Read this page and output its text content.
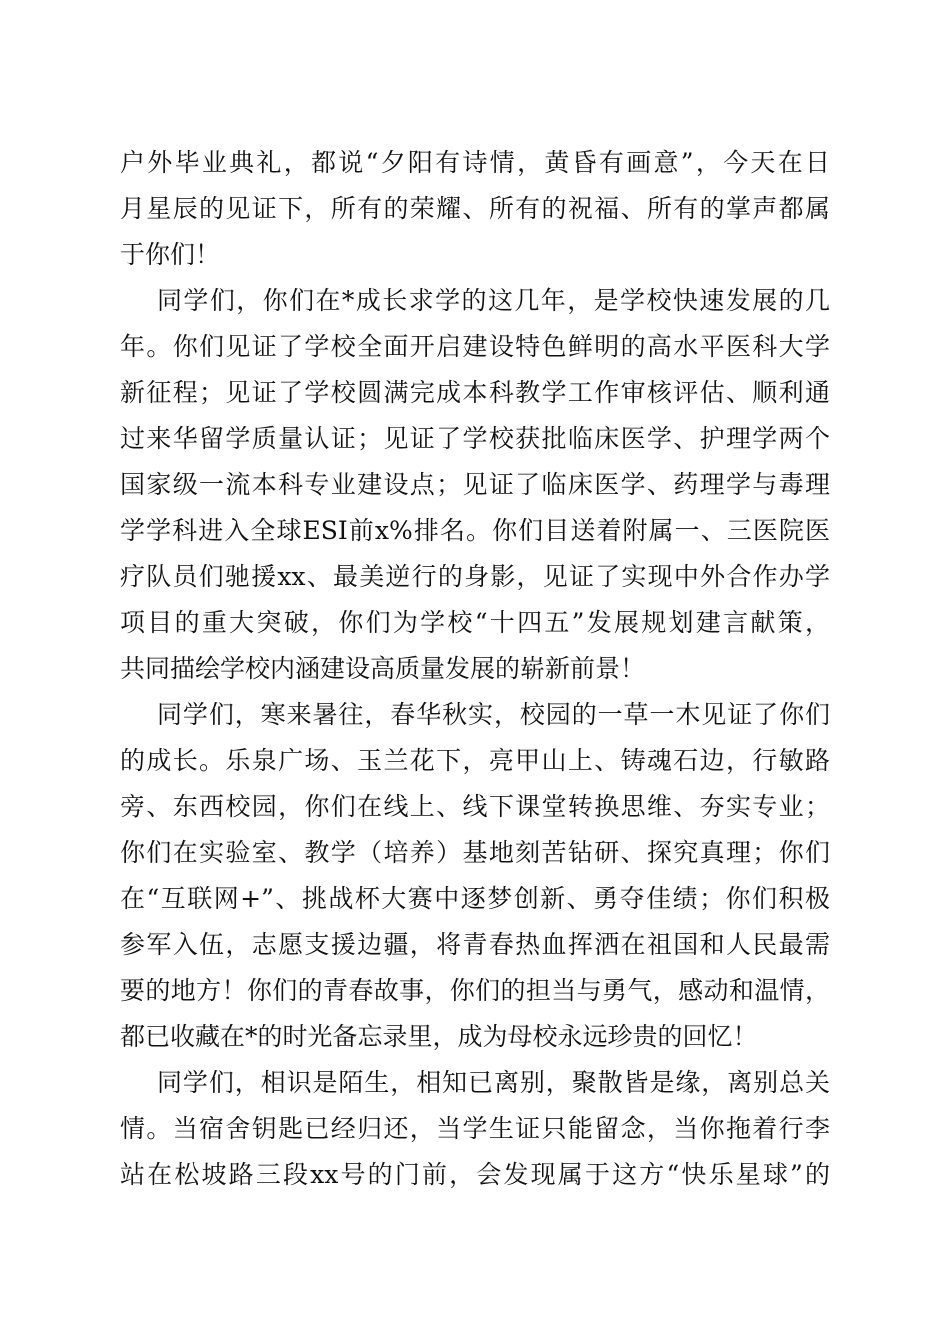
户外毕业典礼，都说“夕阳有诗情，黄昏有画意”，今天在日
月星辰的见证下，所有的荣耀、所有的祝福、所有的掌声都属
于你们！
同学们，你们在*成长求学的这几年，是学校快速发展的几
年。你们见证了学校全面开启建设特色鲜明的高水平医科大学
新征程；见证了学校圆满完成本科教学工作审核评估、顺利通
过来华留学质量认证；见证了学校获批临床医学、护理学两个
国家级一流本科专业建设点；见证了临床医学、药理学与毒理
学学科进入全球ESI前x%排名。你们目送着附属一、三医院医
疗队员们驰援xx、最美逆行的身影，见证了实现中外合作办学
项目的重大突破，你们为学校“十四五”发展规划建言献策，
共同描绘学校内涵建设高质量发展的崭新前景！
同学们，寒来暑往，春华秋实，校园的一草一木见证了你们
的成长。乐泉广场、玉兰花下，亮甲山上、铸魂石边，行敏路
旁、东西校园，你们在线上、线下课堂转换思维、夯实专业；
你们在实验室、教学（培养）基地刻苦钻研、探究真理；你们
在“互联网+”、挑战杯大赛中逐梦创新、勇夺佳绩；你们积极
参军入伍，志愿支援边疆，将青春热血挥洒在祖国和人民最需
要的地方！你们的青春故事，你们的担当与勇气，感动和温情，
都已收藏在*的时光备忘录里，成为母校永远珍贵的回忆！
同学们，相识是陌生，相知已离别，聚散皆是缘，离别总关
情。当宿舍钥匙已经归还，当学生证只能留念，当你拖着行李
站在松坡路三段xx号的门前，会发现属于这方“快乐星球”的
